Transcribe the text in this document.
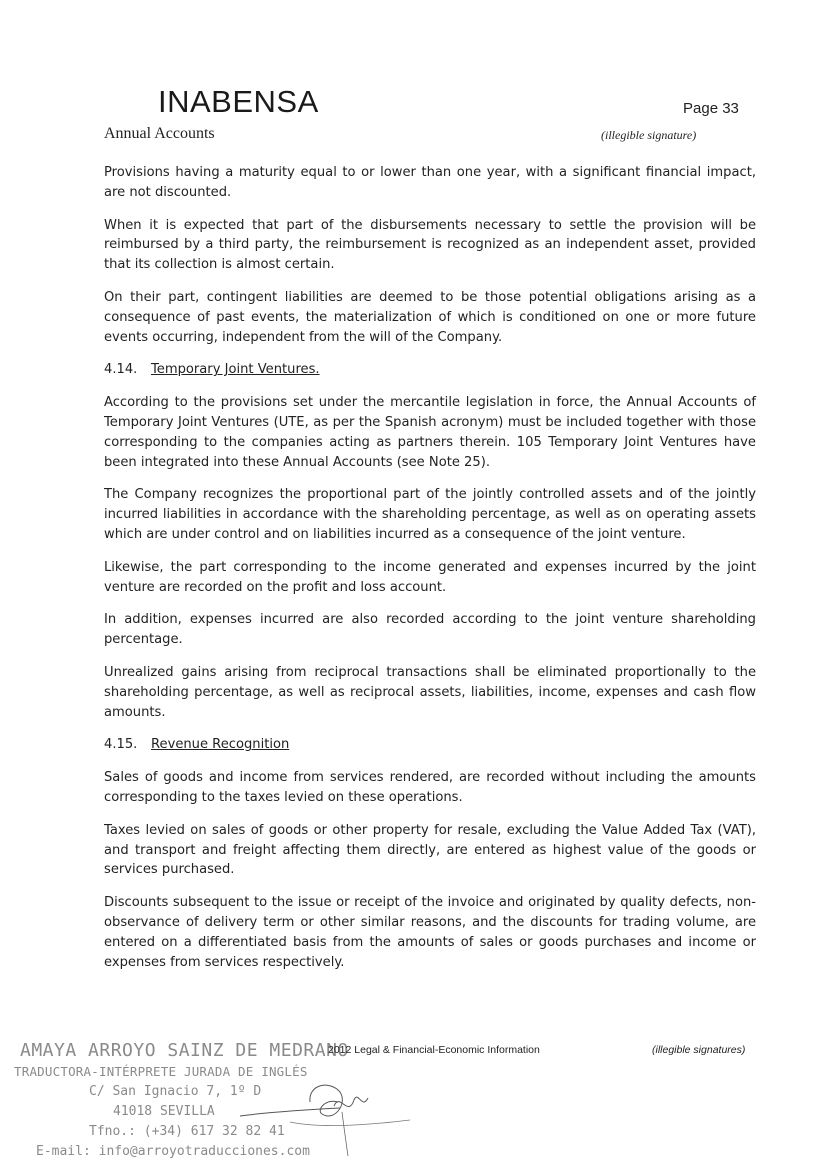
INABENSA
Annual Accounts
Page 33
(illegible signature)

Provisions having a maturity equal to or lower than one year, with a significant financial impact, are not discounted.

When it is expected that part of the disbursements necessary to settle the provision will be reimbursed by a third party, the reimbursement is recognized as an independent asset, provided that its collection is almost certain.

On their part, contingent liabilities are deemed to be those potential obligations arising as a consequence of past events, the materialization of which is conditioned on one or more future events occurring, independent from the will of the Company.

4.14. Temporary Joint Ventures.

According to the provisions set under the mercantile legislation in force, the Annual Accounts of Temporary Joint Ventures (UTE, as per the Spanish acronym) must be included together with those corresponding to the companies acting as partners therein. 105 Temporary Joint Ventures have been integrated into these Annual Accounts (see Note 25).

The Company recognizes the proportional part of the jointly controlled assets and of the jointly incurred liabilities in accordance with the shareholding percentage, as well as on operating assets which are under control and on liabilities incurred as a consequence of the joint venture.

Likewise, the part corresponding to the income generated and expenses incurred by the joint venture are recorded on the profit and loss account.

In addition, expenses incurred are also recorded according to the joint venture shareholding percentage.

Unrealized gains arising from reciprocal transactions shall be eliminated proportionally to the shareholding percentage, as well as reciprocal assets, liabilities, income, expenses and cash flow amounts.

4.15. Revenue Recognition

Sales of goods and income from services rendered, are recorded without including the amounts corresponding to the taxes levied on these operations.

Taxes levied on sales of goods or other property for resale, excluding the Value Added Tax (VAT), and transport and freight affecting them directly, are entered as highest value of the goods or services purchased.

Discounts subsequent to the issue or receipt of the invoice and originated by quality defects, non-observance of delivery term or other similar reasons, and the discounts for trading volume, are entered on a differentiated basis from the amounts of sales or goods purchases and income or expenses from services respectively.

AMAYA ARROYO SAINZ DE MEDRANO
TRADUCTORA-INTÉRPRETE JURADA DE INGLÉS
C/ San Ignacio 7, 1º D
41018 SEVILLA
Tfno.: (+34) 617 32 82 41
E-mail: info@arroyotraducciones.com
2012 Legal & Financial-Economic Information	(illegible signatures)
